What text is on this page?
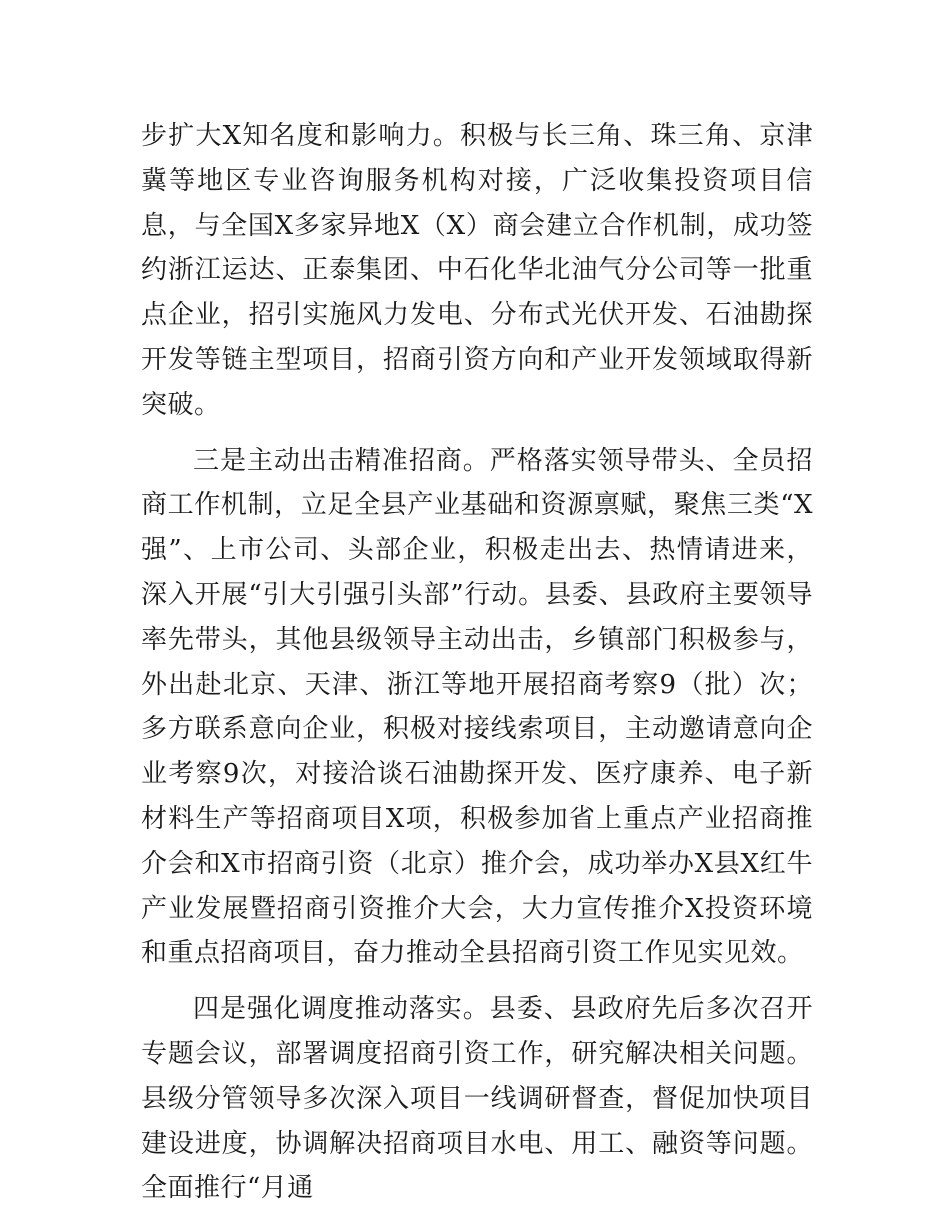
步扩大X知名度和影响力。积极与长三角、珠三角、京津冀等地区专业咨询服务机构对接，广泛收集投资项目信息，与全国X多家异地X（X）商会建立合作机制，成功签约浙江运达、正泰集团、中石化华北油气分公司等一批重点企业，招引实施风力发电、分布式光伏开发、石油勘探开发等链主型项目，招商引资方向和产业开发领域取得新突破。

三是主动出击精准招商。严格落实领导带头、全员招商工作机制，立足全县产业基础和资源禀赋，聚焦三类“X强”、上市公司、头部企业，积极走出去、热情请进来，深入开展“引大引强引头部”行动。县委、县政府主要领导率先带头，其他县级领导主动出击，乡镇部门积极参与，外出赴北京、天津、浙江等地开展招商考察9（批）次；多方联系意向企业，积极对接线索项目，主动邀请意向企业考察9次，对接洽谈石油勘探开发、医疗康养、电子新材料生产等招商项目X项，积极参加省上重点产业招商推介会和X市招商引资（北京）推介会，成功举办X县X红牛产业发展暨招商引资推介大会，大力宣传推介X投资环境和重点招商项目，奋力推动全县招商引资工作见实见效。

四是强化调度推动落实。县委、县政府先后多次召开专题会议，部署调度招商引资工作，研究解决相关问题。县级分管领导多次深入项目一线调研督查，督促加快项目建设进度，协调解决招商项目水电、用工、融资等问题。全面推行“月通
